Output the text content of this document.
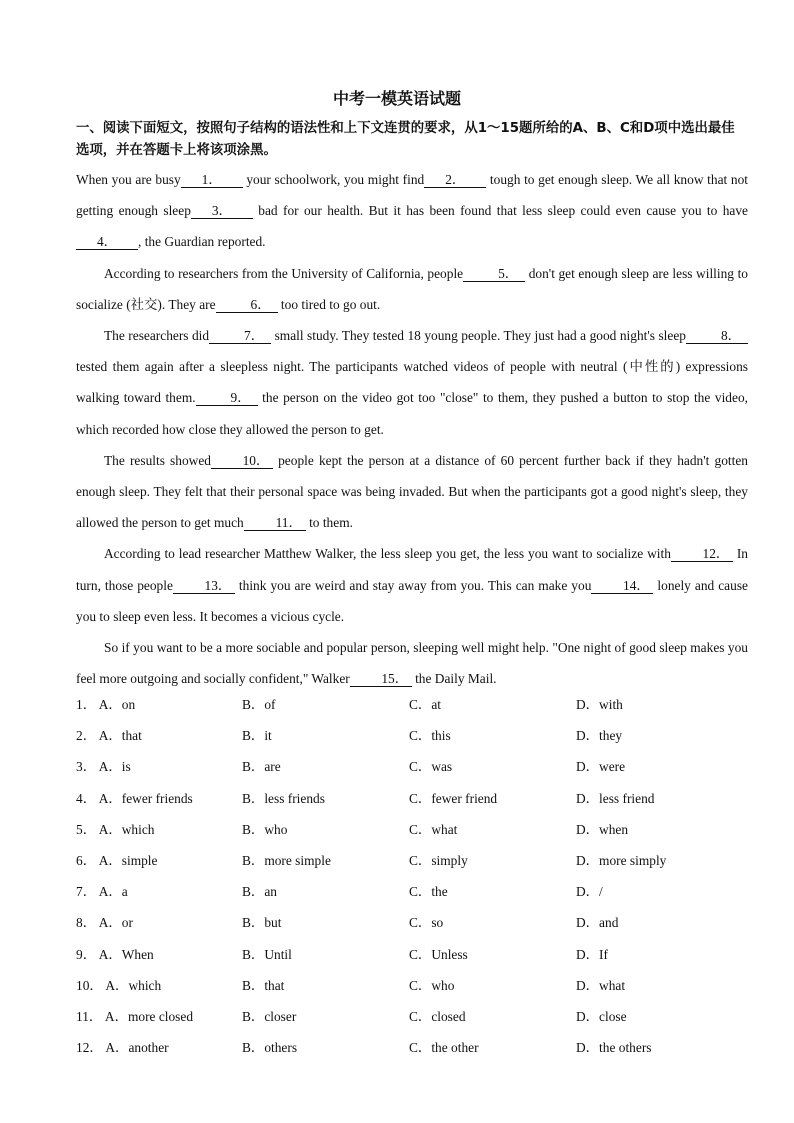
中考一模英语试题
一、阅读下面短文，按照句子结构的语法性和上下文连贯的要求，从1～15题所给的A、B、C和D项中选出最佳选项，并在答题卡上将该项涂黑。

When you are busy 1． your schoolwork, you might find 2． tough to get enough sleep. We all know that not getting enough sleep 3． bad for our health. But it has been found that less sleep could even cause you to have4． , the Guardian reported.

According to researchers from the University of California, people	5． don't get enough sleep are less willing to socialize (社交). They are	6． too tired to go out.

The researchers did	7． small study. They tested 18 young people. They just had a good night's sleep	8． tested them again after a sleepless night. The participants watched videos of people with neutral (中性的) expressions walking toward them.	9． the person on the video got too "close" to them, they pushed a button to stop the video, which recorded how close they allowed the person to get.

The results showed 10． people kept the person at a distance of 60 percent further back if they hadn't gotten enough sleep. They felt that their personal space was being invaded. But when the participants got a good night's sleep, they allowed the person to get much 11． to them.

According to lead researcher Matthew Walker, the less sleep you get, the less you want to socialize with 12． In turn, those people 13． think you are weird and stay away from you. This can make you 14． lonely and cause you to sleep even less. It becomes a vicious cycle.

So if you want to be a more sociable and popular person, sleeping well might help. "One night of good sleep makes you feel more outgoing and socially confident," Walker 15． the Daily Mail.

1． A．on	B．of	C．at	D．with
2． A．that	B．it	C．this	D．they
3． A．is	B．are	C．was	D．were
4． A．fewer friends	B．less friends	C．fewer friend	D．less friend
5． A．which	B．who	C．what	D．when
6． A．simple	B．more simple	C．simply	D．more simply
7． A．a	B．an	C．the	D．/
8． A．or	B．but	C．so	D．and
9． A．When	B．Until	C．Unless	D．If
10． A．which	B．that	C．who	D．what
11． A．more closed	B．closer	C．closed	D．close
12． A．another	B．others	C．the other	D．the others
